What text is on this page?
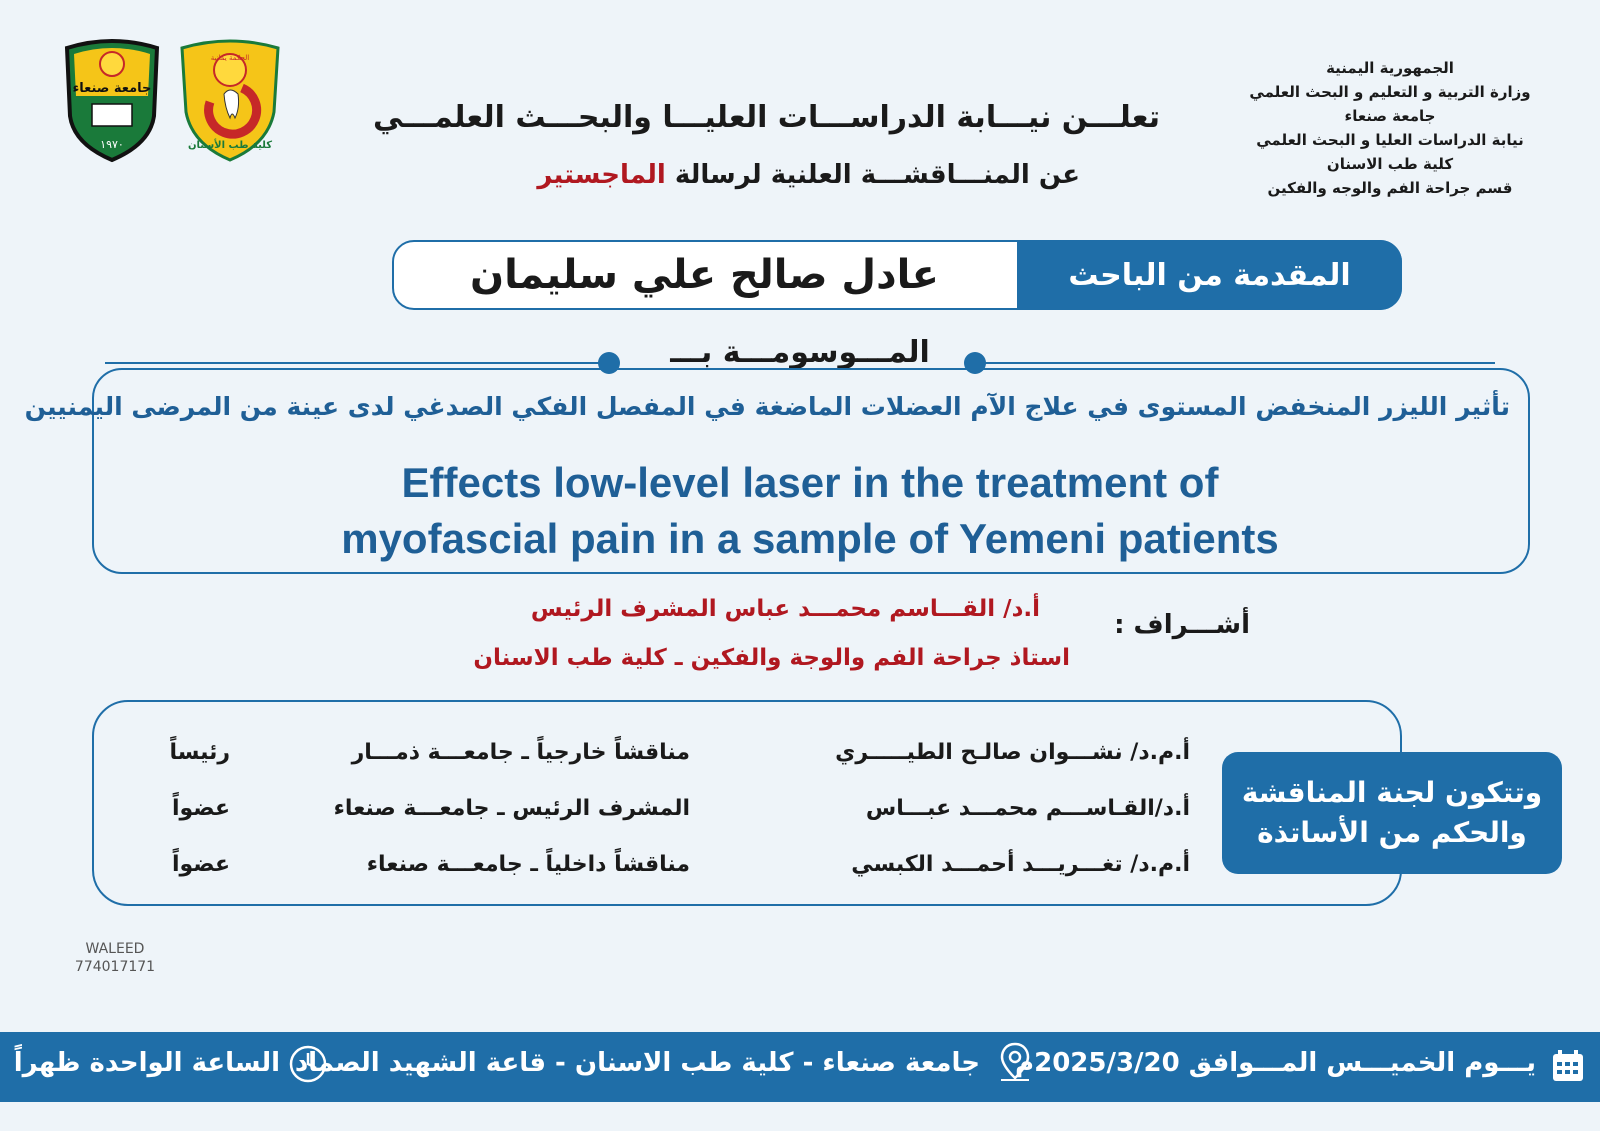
الجمهورية اليمنية
وزارة التربية و التعليم و البحث العلمي
جامعة صنعاء
نيابة الدراسات العليا و البحث العلمي
كلية طب الاسنان
قسم جراحة الفم والوجه والفكين
جامعة صنعاء
١٩٧٠	كلية طب الأسنان
الحكمة يمانية
تعلـــن نيـــابة الدراســـات العليـــا والبحـــث العلمـــي
عن المنـــاقشـــة العلنية لرسالة الماجستير
المقدمة من الباحث
عادل صالح علي سليمان
المـــوسومـــة بـــ
تأثير الليزر المنخفض المستوى في علاج الآم العضلات الماضغة في المفصل الفكي الصدغي لدى عينة من المرضى اليمنيين
Effects low-level laser in the treatment of
myofascial pain in a sample of Yemeni patients
أشـــراف :
أ.د/ القـــاسم محمـــد عباس المشرف الرئيس
استاذ جراحة الفم والوجة والفكين ـ كلية طب الاسنان
وتتكون لجنة المناقشة
والحكم من الأساتذة
أ.م.د/ نشـــوان صالـح الطيـــــري
مناقشاً خارجياً ـ جامعـــة ذمـــار
رئيساً
أ.د/القـاســـم محمـــد عبـــاس
المشرف الرئيس ـ جامعـــة صنعاء
عضواً
أ.م.د/ تغـــريـــد أحمـــد الكبسي
مناقشاً داخلياً ـ جامعـــة صنعاء
عضواً
WALEED
774017171
يـــوم الخميـــس المـــوافق 2025/3/20م
جامعة صنعاء - كلية طب الاسنان - قاعة الشهيد الصماد
الساعة الواحدة ظهراً
